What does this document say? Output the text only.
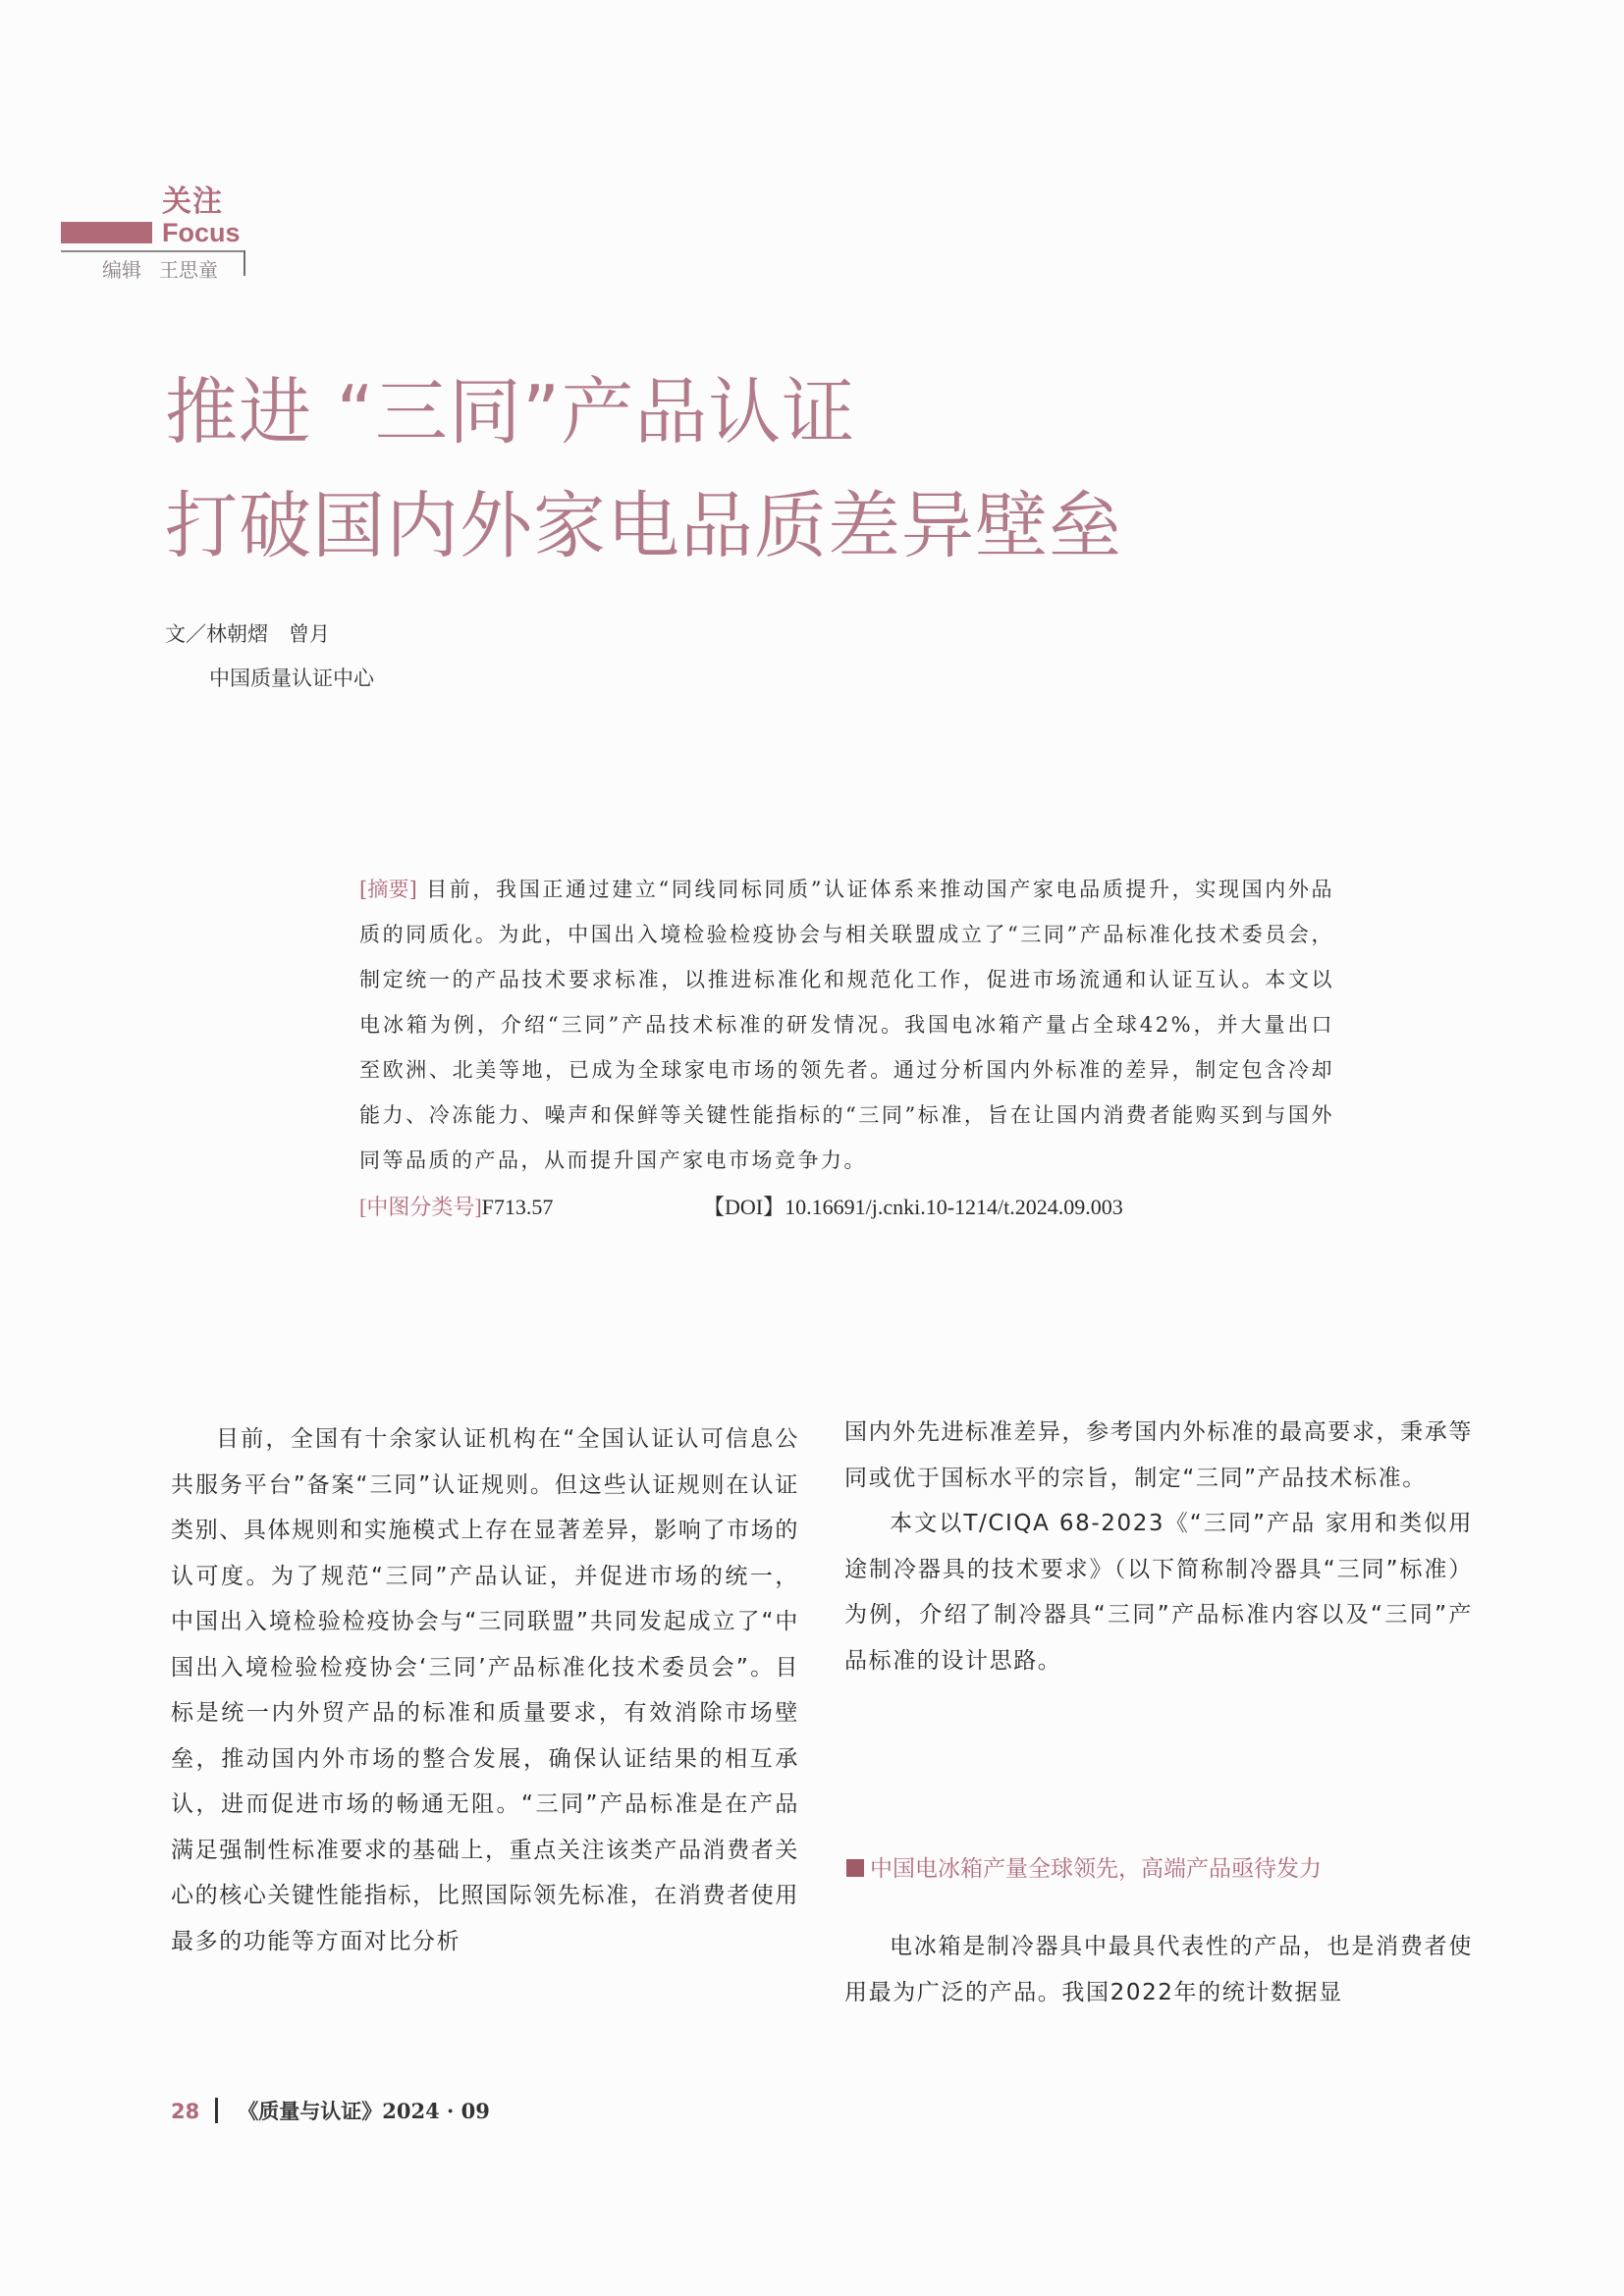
关注
Focus
编辑 王思童
推进 “三同”产品认证
打破国内外家电品质差异壁垒
文／林朝熠　曾月
中国质量认证中心
[摘要] 目前，我国正通过建立“同线同标同质”认证体系来推动国产家电品质提升，实现国内外品质的同质化。为此，中国出入境检验检疫协会与相关联盟成立了“三同”产品标准化技术委员会，制定统一的产品技术要求标准，以推进标准化和规范化工作，促进市场流通和认证互认。本文以电冰箱为例，介绍“三同”产品技术标准的研发情况。我国电冰箱产量占全球42%，并大量出口至欧洲、北美等地，已成为全球家电市场的领先者。通过分析国内外标准的差异，制定包含冷却能力、冷冻能力、噪声和保鲜等关键性能指标的“三同”标准，旨在让国内消费者能购买到与国外同等品质的产品，从而提升国产家电市场竞争力。
[中图分类号]F713.57	【DOI】10.16691/j.cnki.10-1214/t.2024.09.003

目前，全国有十余家认证机构在“全国认证认可信息公共服务平台”备案“三同”认证规则。但这些认证规则在认证类别、具体规则和实施模式上存在显著差异，影响了市场的认可度。为了规范“三同”产品认证，并促进市场的统一，中国出入境检验检疫协会与“三同联盟”共同发起成立了“中国出入境检验检疫协会‘三同’产品标准化技术委员会”。目标是统一内外贸产品的标准和质量要求，有效消除市场壁垒，推动国内外市场的整合发展，确保认证结果的相互承认，进而促进市场的畅通无阻。“三同”产品标准是在产品满足强制性标准要求的基础上，重点关注该类产品消费者关心的核心关键性能指标，比照国际领先标准，在消费者使用最多的功能等方面对比分析

国内外先进标准差异，参考国内外标准的最高要求，秉承等同或优于国标水平的宗旨，制定“三同”产品技术标准。

本文以T/CIQA 68-2023《“三同”产品 家用和类似用途制冷器具的技术要求》（以下简称制冷器具“三同”标准）为例，介绍了制冷器具“三同”产品标准内容以及“三同”产品标准的设计思路。

中国电冰箱产量全球领先，高端产品亟待发力

电冰箱是制冷器具中最具代表性的产品，也是消费者使用最为广泛的产品。我国2022年的统计数据显

28 《质量与认证》2024 · 09
